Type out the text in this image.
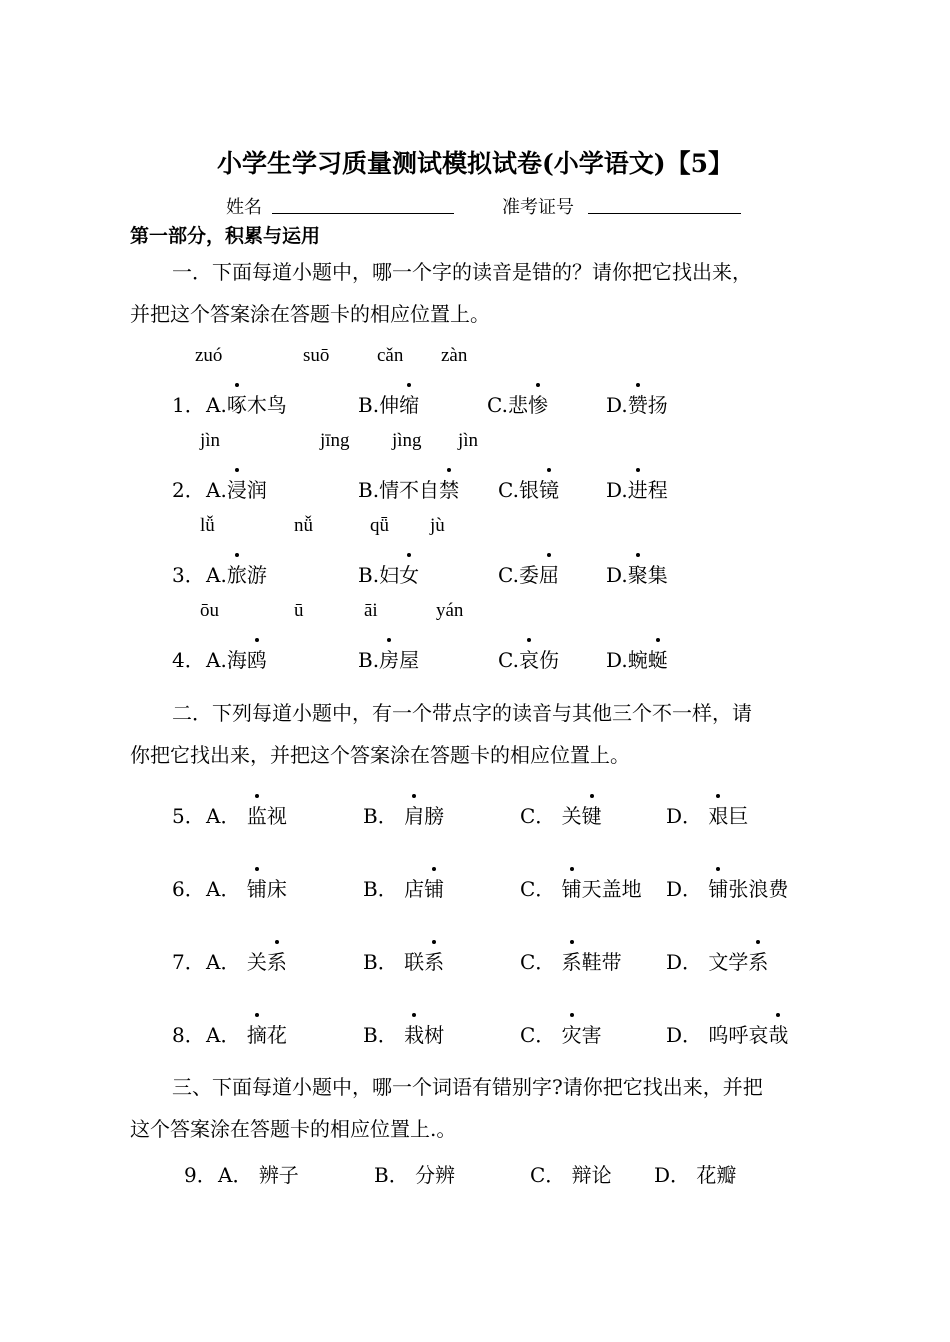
小学生学习质量测试模拟试卷(小学语文)【5】
姓名	准考证号
第一部分，积累与运用
一．下面每道小题中，哪一个字的读音是错的？请你把它找出来，
并把这个答案涂在答题卡的相应位置上。
zuó	suō	cǎn zàn
1． A.啄木鸟	B.伸缩	C.悲惨	D.赞扬
jìn	jīng jìng jìn
2． A.浸润	B.情不自禁 C.银镜 D.进程
lǚ	nǚ	qǖ jù
3． A.旅游	B.妇女	C.委屈 D.聚集
ōu	ū	āi	yán
4． A.海鸥	B.房屋	C.哀伤 D.蜿蜒
二．下列每道小题中，有一个带点字的读音与其他三个不一样，请
你把它找出来，并把这个答案涂在答题卡的相应位置上。
5． A． 监视	B． 肩膀	C． 关键	D． 艰巨
6． A． 铺床	B． 店铺	C． 铺天盖地 D． 铺张浪费
7． A． 关系	B． 联系	C． 系鞋带 D． 文学系
8． A． 摘花	B． 栽树	C． 灾害	D． 呜呼哀哉
三、下面每道小题中，哪一个词语有错别字?请你把它找出来，并把
这个答案涂在答题卡的相应位置上.。
9． A． 辨子	B． 分辨	C． 辩论 D． 花瓣
